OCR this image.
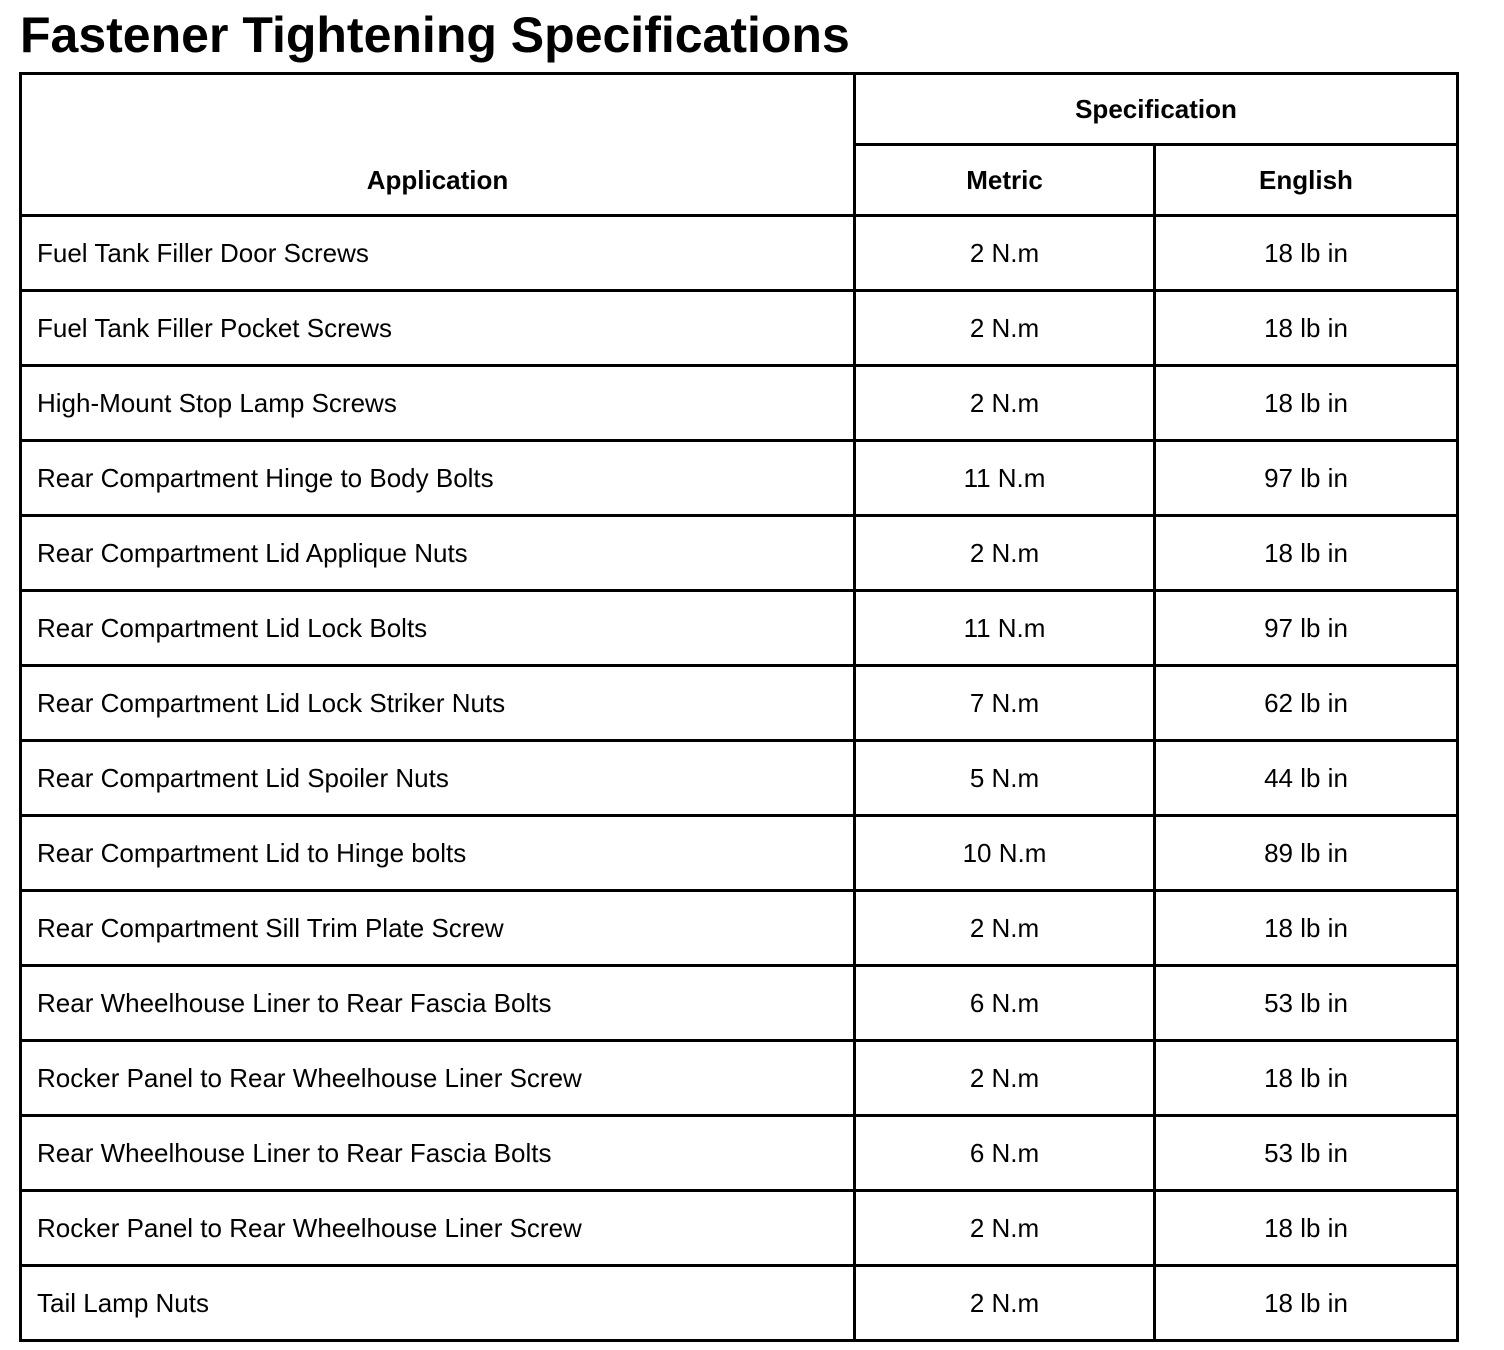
Fastener Tightening Specifications
Application	Specification	
	Metric	English
Fuel Tank Filler Door Screws	2 N.m	18 lb in
Fuel Tank Filler Pocket Screws	2 N.m	18 lb in
High-Mount Stop Lamp Screws	2 N.m	18 lb in
Rear Compartment Hinge to Body Bolts	11 N.m	97 lb in
Rear Compartment Lid Applique Nuts	2 N.m	18 lb in
Rear Compartment Lid Lock Bolts	11 N.m	97 lb in
Rear Compartment Lid Lock Striker Nuts	7 N.m	62 lb in
Rear Compartment Lid Spoiler Nuts	5 N.m	44 lb in
Rear Compartment Lid to Hinge bolts	10 N.m	89 lb in
Rear Compartment Sill Trim Plate Screw	2 N.m	18 lb in
Rear Wheelhouse Liner to Rear Fascia Bolts	6 N.m	53 lb in
Rocker Panel to Rear Wheelhouse Liner Screw	2 N.m	18 lb in
Rear Wheelhouse Liner to Rear Fascia Bolts	6 N.m	53 lb in
Rocker Panel to Rear Wheelhouse Liner Screw	2 N.m	18 lb in
Tail Lamp Nuts	2 N.m	18 lb in
